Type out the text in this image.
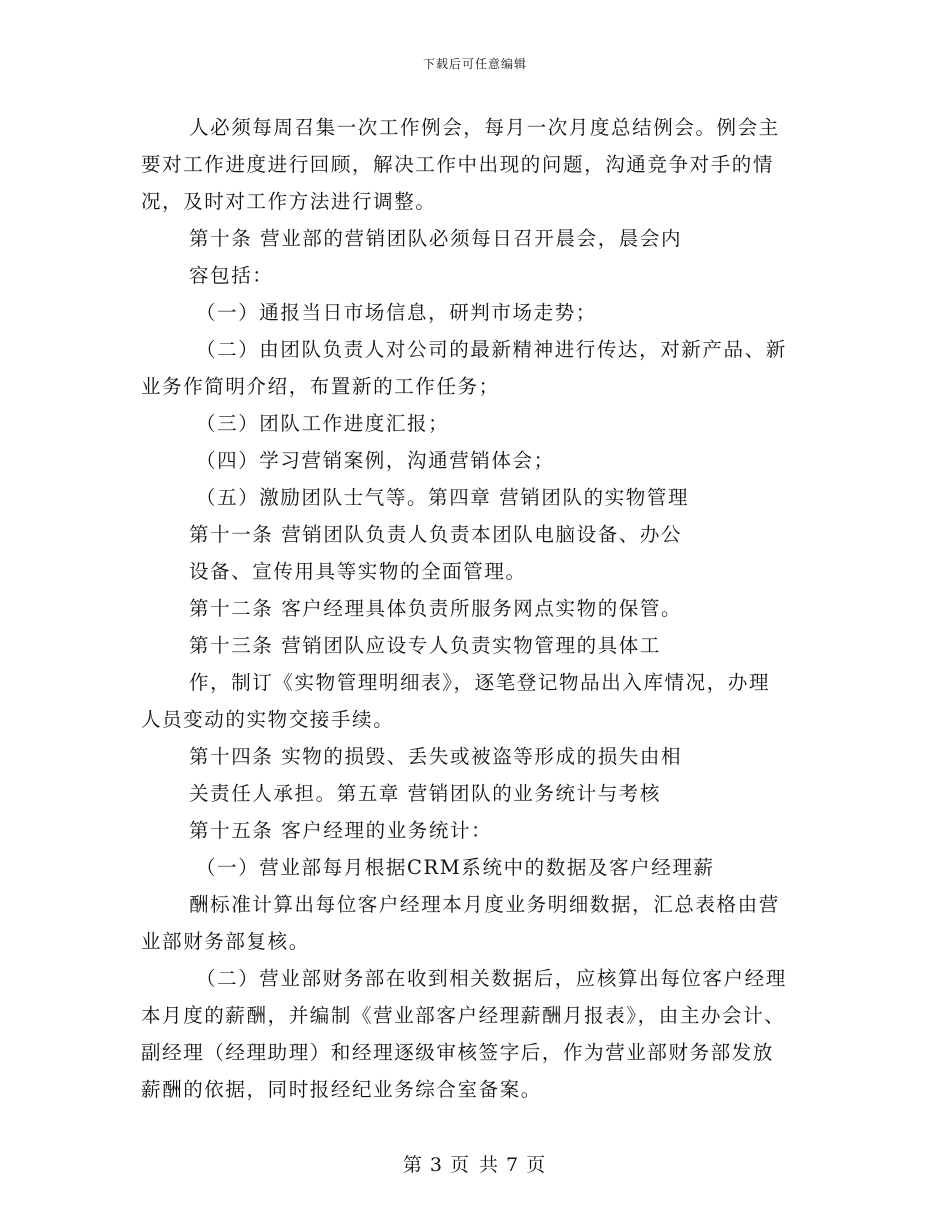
下载后可任意编辑
人必须每周召集一次工作例会，每月一次月度总结例会。例会主
要对工作进度进行回顾，解决工作中出现的问题，沟通竞争对手的情
况，及时对工作方法进行调整。
第十条 营业部的营销团队必须每日召开晨会，晨会内
容包括：
（一）通报当日市场信息，研判市场走势；
（二）由团队负责人对公司的最新精神进行传达，对新产品、新
业务作简明介绍，布置新的工作任务；
（三）团队工作进度汇报；
（四）学习营销案例，沟通营销体会；
（五）激励团队士气等。第四章 营销团队的实物管理
第十一条 营销团队负责人负责本团队电脑设备、办公
设备、宣传用具等实物的全面管理。
第十二条 客户经理具体负责所服务网点实物的保管。
第十三条 营销团队应设专人负责实物管理的具体工
作，制订《实物管理明细表》，逐笔登记物品出入库情况，办理
人员变动的实物交接手续。
第十四条 实物的损毁、丢失或被盗等形成的损失由相
关责任人承担。第五章 营销团队的业务统计与考核
第十五条 客户经理的业务统计：
（一）营业部每月根据CRM系统中的数据及客户经理薪
酬标准计算出每位客户经理本月度业务明细数据，汇总表格由营
业部财务部复核。
（二）营业部财务部在收到相关数据后，应核算出每位客户经理
本月度的薪酬，并编制《营业部客户经理薪酬月报表》，由主办会计、
副经理（经理助理）和经理逐级审核签字后，作为营业部财务部发放
薪酬的依据，同时报经纪业务综合室备案。
第 3 页 共 7 页
